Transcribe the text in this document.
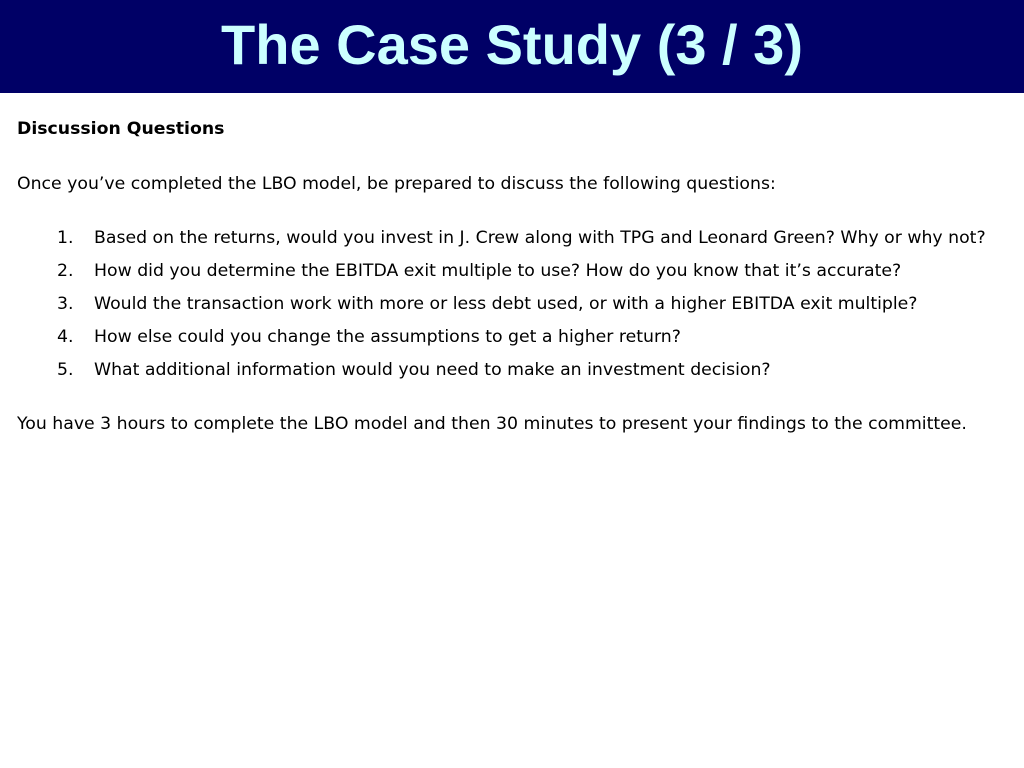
The Case Study (3 / 3)

Discussion Questions

Once you’ve completed the LBO model, be prepared to discuss the following questions:

1.	Based on the returns, would you invest in J. Crew along with TPG and Leonard Green? Why or why not?
2.	How did you determine the EBITDA exit multiple to use? How do you know that it’s accurate?
3.	Would the transaction work with more or less debt used, or with a higher EBITDA exit multiple?
4.	How else could you change the assumptions to get a higher return?
5.	What additional information would you need to make an investment decision?

You have 3 hours to complete the LBO model and then 30 minutes to present your findings to the committee.
